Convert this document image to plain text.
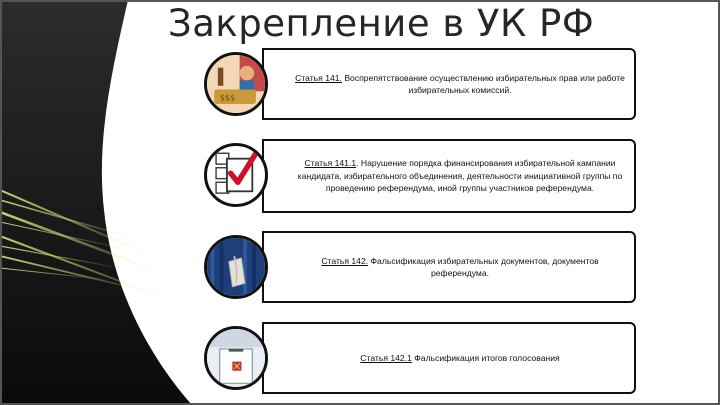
Закрепление в УК РФ
Статья 141. Воспрепятствование осуществлению избирательных прав или работе избирательных комиссий.
$$$
Статья 141.1. Нарушение порядка финансирования избирательной кампании кандидата, избирательного объединения, деятельности инициативной группы по проведению референдума, иной группы участников референдума.
Статья 142. Фальсификация избирательных документов, документов референдума.
Статья 142.1 Фальсификация итогов голосования
